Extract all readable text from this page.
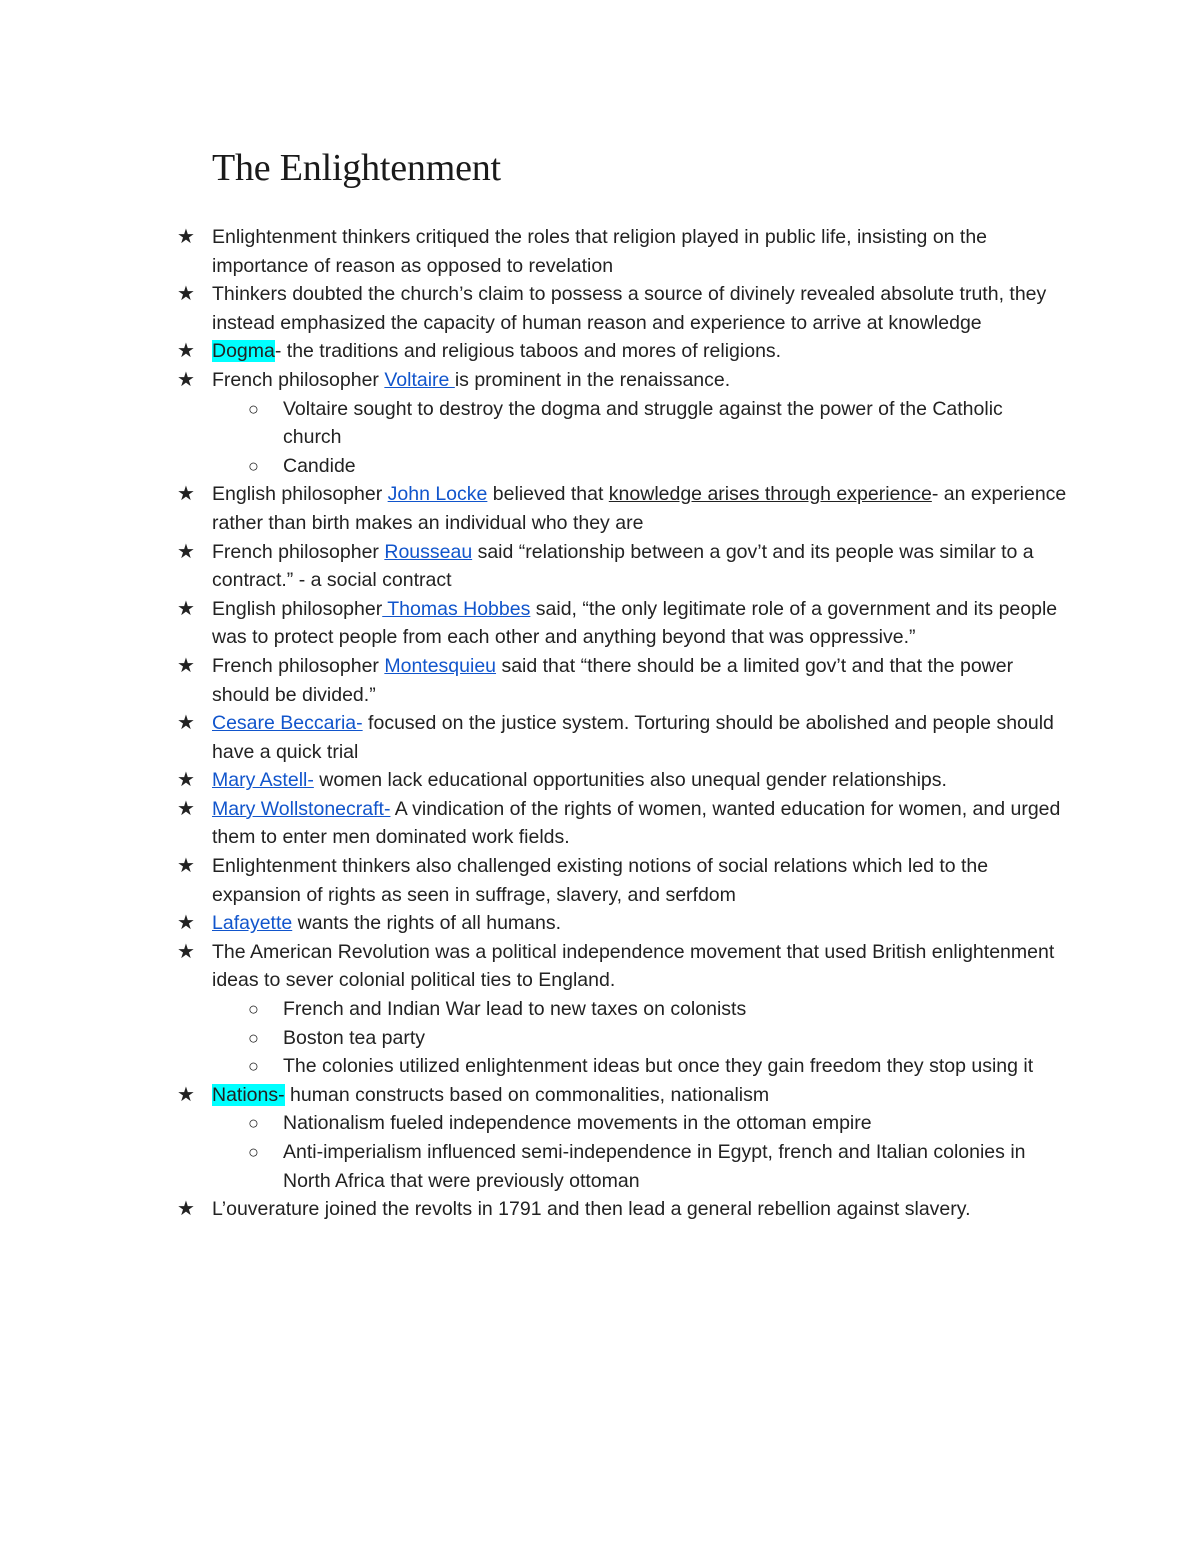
The Enlightenment
★ Enlightenment thinkers critiqued the roles that religion played in public life, insisting on the importance of reason as opposed to revelation
★ Thinkers doubted the church’s claim to possess a source of divinely revealed absolute truth, they instead emphasized the capacity of human reason and experience to arrive at knowledge
★ Dogma- the traditions and religious taboos and mores of religions.
★ French philosopher Voltaire is prominent in the renaissance.
○ Voltaire sought to destroy the dogma and struggle against the power of the Catholic church
○ Candide
★ English philosopher John Locke believed that knowledge arises through experience- an experience rather than birth makes an individual who they are
★ French philosopher Rousseau said “relationship between a gov’t and its people was similar to a contract.” - a social contract
★ English philosopher Thomas Hobbes said, “the only legitimate role of a government and its people was to protect people from each other and anything beyond that was oppressive.”
★ French philosopher Montesquieu said that “there should be a limited gov’t and that the power should be divided.”
★ Cesare Beccaria- focused on the justice system. Torturing should be abolished and people should have a quick trial
★ Mary Astell- women lack educational opportunities also unequal gender relationships.
★ Mary Wollstonecraft- A vindication of the rights of women, wanted education for women, and urged them to enter men dominated work fields.
★ Enlightenment thinkers also challenged existing notions of social relations which led to the expansion of rights as seen in suffrage, slavery, and serfdom
★ Lafayette wants the rights of all humans.
★ The American Revolution was a political independence movement that used British enlightenment ideas to sever colonial political ties to England.
○ French and Indian War lead to new taxes on colonists
○ Boston tea party
○ The colonies utilized enlightenment ideas but once they gain freedom they stop using it
★ Nations- human constructs based on commonalities, nationalism
○ Nationalism fueled independence movements in the ottoman empire
○ Anti-imperialism influenced semi-independence in Egypt, french and Italian colonies in North Africa that were previously ottoman
★ L’ouverature joined the revolts in 1791 and then lead a general rebellion against slavery.
